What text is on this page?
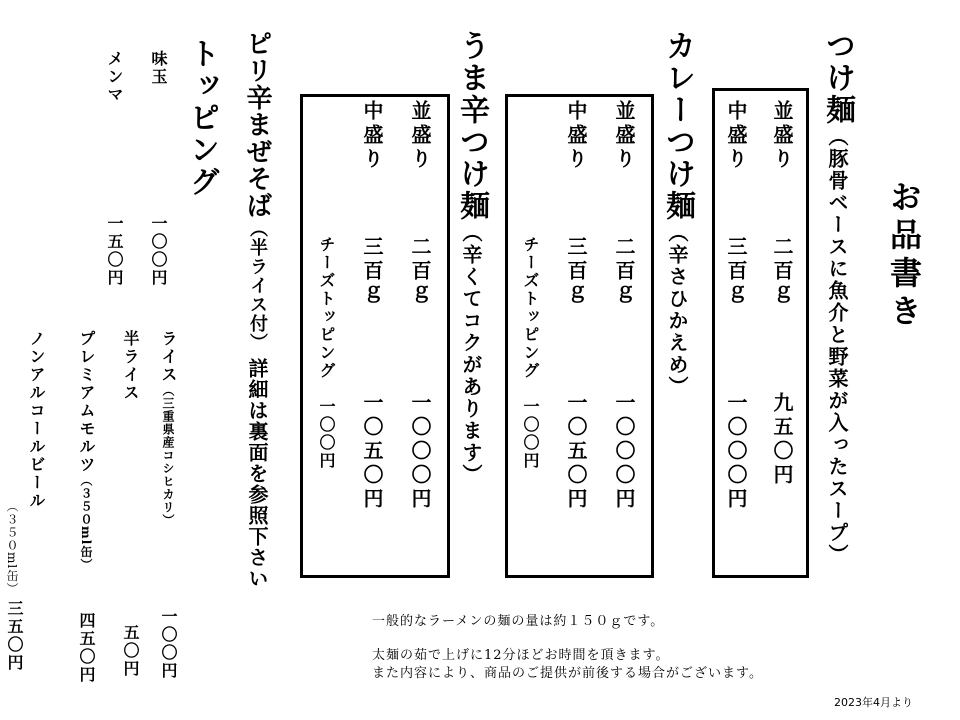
お品書き
つけ麺（豚骨ベースに魚介と野菜が入ったスープ）
並盛り
二百ｇ
九五〇円
中盛り
三百ｇ
一〇〇〇円
カレーつけ麺（辛さひかえめ）
並盛り
二百ｇ
一〇〇〇円
中盛り
三百ｇ
一〇五〇円
チーズトッピング　一〇〇円
うま辛つけ麺（辛くてコクがあります）
並盛り
二百ｇ
一〇〇〇円
中盛り
三百ｇ
一〇五〇円
チーズトッピング　一〇〇円
ピリ辛まぜそば（半ライス付）詳細は裏面を参照下さい
トッピング
味玉
一〇〇円
メンマ
一五〇円
ライス（三重県産コシヒカリ）
一〇〇円
半ライス
五〇円
プレミアムモルツ（３５０ml缶）
四五〇円
ノンアルコールビール
（３５０ml缶）
三五〇円	一般的なラーメンの麺の量は約１５０ｇです。
太麺の茹で上げに12分ほどお時間を頂きます。
また内容により、商品のご提供が前後する場合がございます。
2023年4月より
